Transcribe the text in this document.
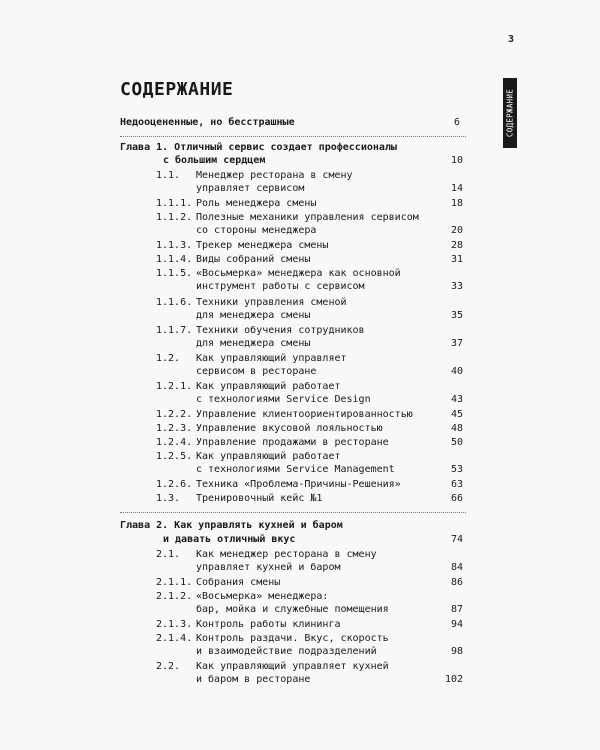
3
СОДЕРЖАНИЕ
СОДЕРЖАНИЕ
Недооцененные, но бесстрашные	6
Глава 1. Отличный сервис создает профессионалы
с большим сердцем	10
1.1. Менеджер ресторана в смену
управляет сервисом	14
1.1.1. Роль менеджера смены	18
1.1.2. Полезные механики управления сервисом
со стороны менеджера	20
1.1.3. Трекер менеджера смены	28
1.1.4. Виды собраний смены	31
1.1.5. «Восьмерка» менеджера как основной
инструмент работы с сервисом	33
1.1.6. Техники управления сменой
для менеджера смены	35
1.1.7. Техники обучения сотрудников
для менеджера смены	37
1.2. Как управляющий управляет
сервисом в ресторане	40
1.2.1. Как управляющий работает
с технологиями Service Design	43
1.2.2. Управление клиентоориентированностью	45
1.2.3. Управление вкусовой лояльностью	48
1.2.4. Управление продажами в ресторане	50
1.2.5. Как управляющий работает
с технологиями Service Management	53
1.2.6. Техника «Проблема-Причины-Решения»	63
1.3. Тренировочный кейс №1	66
Глава 2. Как управлять кухней и баром
и давать отличный вкус	74
2.1. Как менеджер ресторана в смену
управляет кухней и баром	84
2.1.1. Собрания смены	86
2.1.2. «Восьмерка» менеджера:
бар, мойка и служебные помещения	87
2.1.3. Контроль работы клининга	94
2.1.4. Контроль раздачи. Вкус, скорость
и взаимодействие подразделений	98
2.2. Как управляющий управляет кухней
и баром в ресторане	102
